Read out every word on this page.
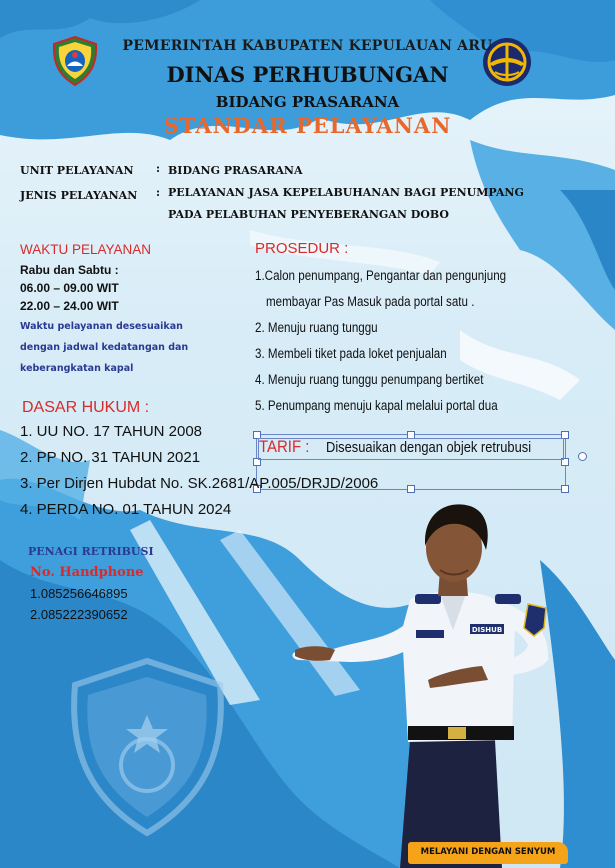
PEMERINTAH KABUPATEN KEPULAUAN ARU
DINAS PERHUBUNGAN
BIDANG PRASARANA
STANDAR PELAYANAN
UNIT PELAYANAN : BIDANG PRASARANA
JENIS PELAYANAN : PELAYANAN JASA KEPELABUHANAN BAGI PENUMPANG
PADA PELABUHAN PENYEBERANGAN DOBO
WAKTU PELAYANAN
Rabu dan Sabtu :
06.00 – 09.00 WIT
22.00 – 24.00 WIT
Waktu pelayanan desesuaikan
dengan jadwal kedatangan dan
keberangkatan kapal
PROSEDUR :
1.Calon penumpang, Pengantar dan pengunjung
membayar Pas Masuk pada portal satu .
2. Menuju ruang tunggu
3. Membeli tiket pada loket penjualan
4. Menuju ruang tunggu penumpang bertiket
5. Penumpang menuju kapal melalui portal dua
TARIF : Disesuaikan dengan objek retrubusi
DASAR HUKUM :
1. UU NO. 17 TAHUN 2008
2. PP NO. 31 TAHUN 2021
3. Per Dirjen Hubdat No. SK.2681/AP.005/DRJD/2006
4. PERDA NO. 01 TAHUN 2024
PENAGI RETRIBUSI
No. Handphone
1.085256646895
2.085222390652
DISHUB
MELAYANI DENGAN SENYUM
